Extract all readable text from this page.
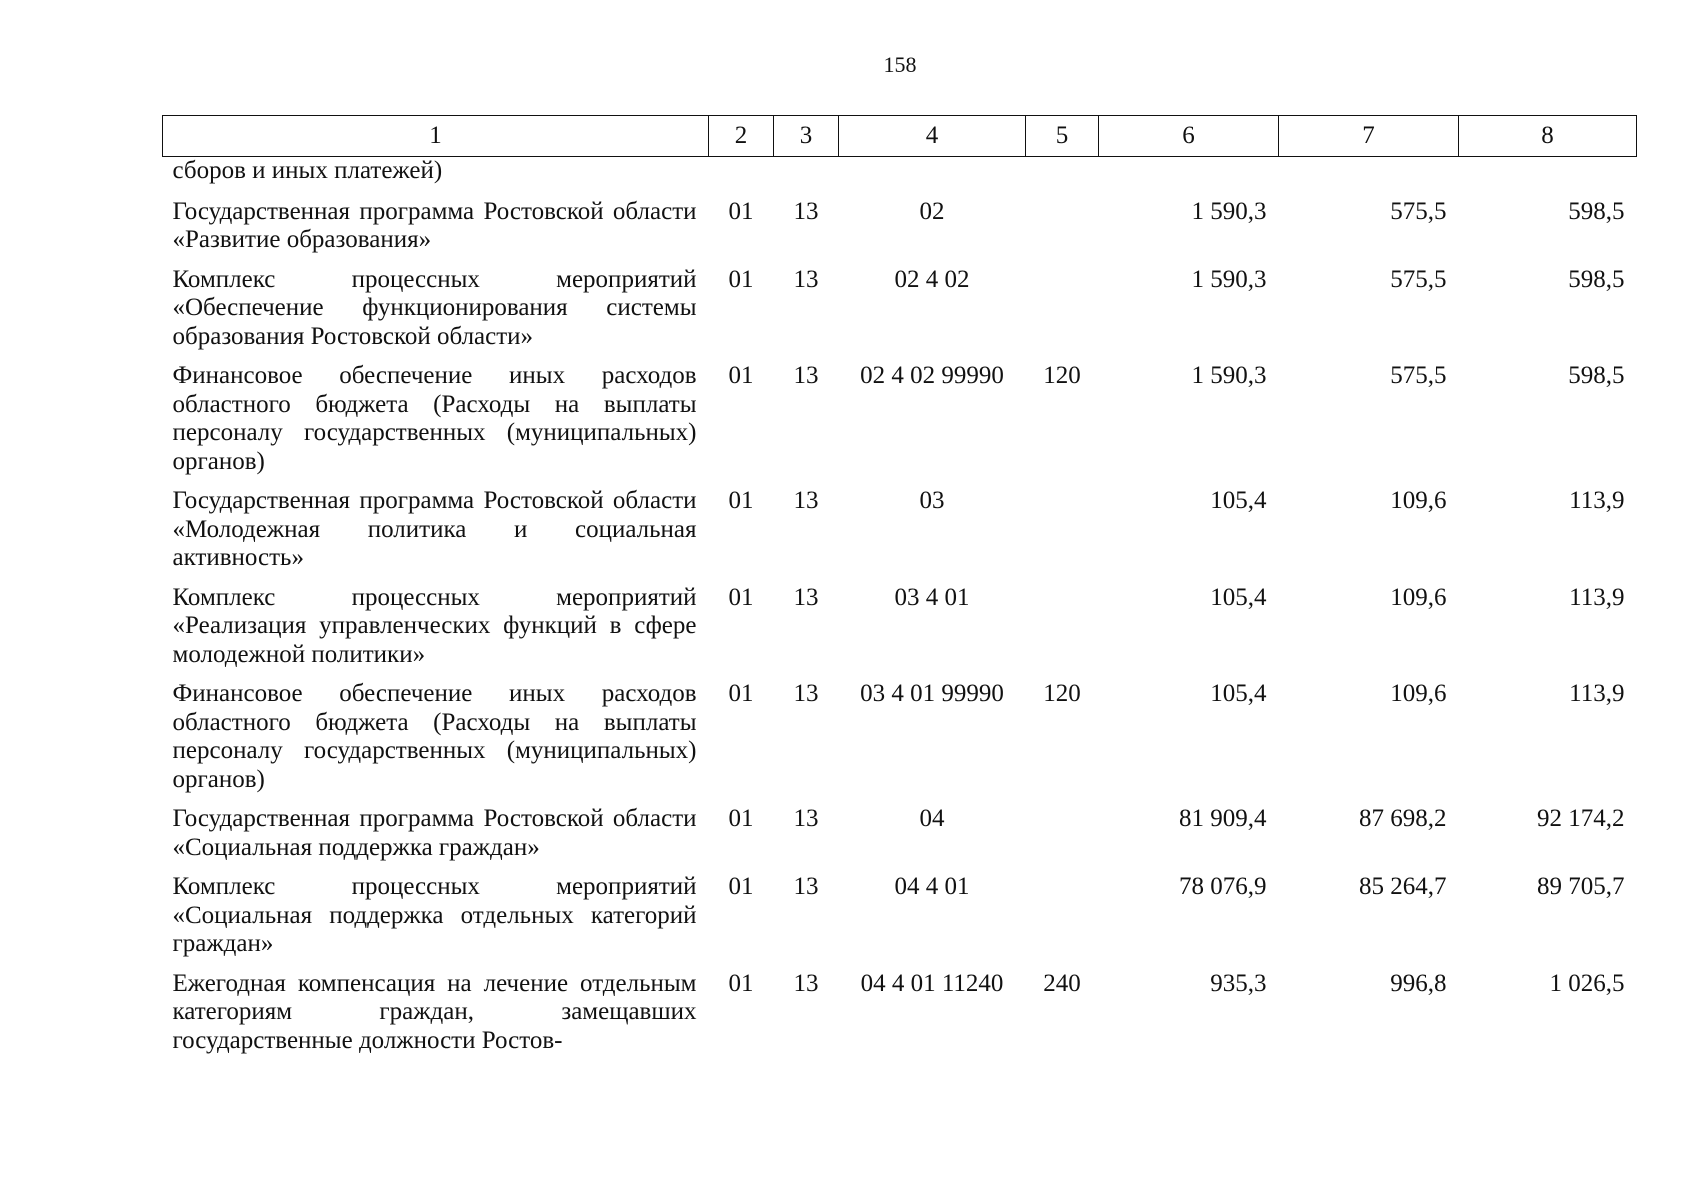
158
1	2	3	4	5	6	7	8
сборов и иных платежей)							
Государственная программа Ростовской области «Развитие образования»	01	13	02		1 590,3	575,5	598,5
Комплекс процессных мероприятий «Обеспечение функционирования системы образования Ростовской области»	01	13	02 4 02		1 590,3	575,5	598,5
Финансовое обеспечение иных расходов областного бюджета (Расходы на выплаты персоналу государственных (муниципальных) органов)	01	13	02 4 02 99990	120	1 590,3	575,5	598,5
Государственная программа Ростовской области «Молодежная политика и социальная активность»	01	13	03		105,4	109,6	113,9
Комплекс процессных мероприятий «Реализация управленческих функций в сфере молодежной политики»	01	13	03 4 01		105,4	109,6	113,9
Финансовое обеспечение иных расходов областного бюджета (Расходы на выплаты персоналу государственных (муниципальных) органов)	01	13	03 4 01 99990	120	105,4	109,6	113,9
Государственная программа Ростовской области «Социальная поддержка граждан»	01	13	04		81 909,4	87 698,2	92 174,2
Комплекс процессных мероприятий «Социальная поддержка отдельных категорий граждан»	01	13	04 4 01		78 076,9	85 264,7	89 705,7
Ежегодная компенсация на лечение отдельным категориям граждан, замещавших государственные должности Ростов-	01	13	04 4 01 11240	240	935,3	996,8	1 026,5
